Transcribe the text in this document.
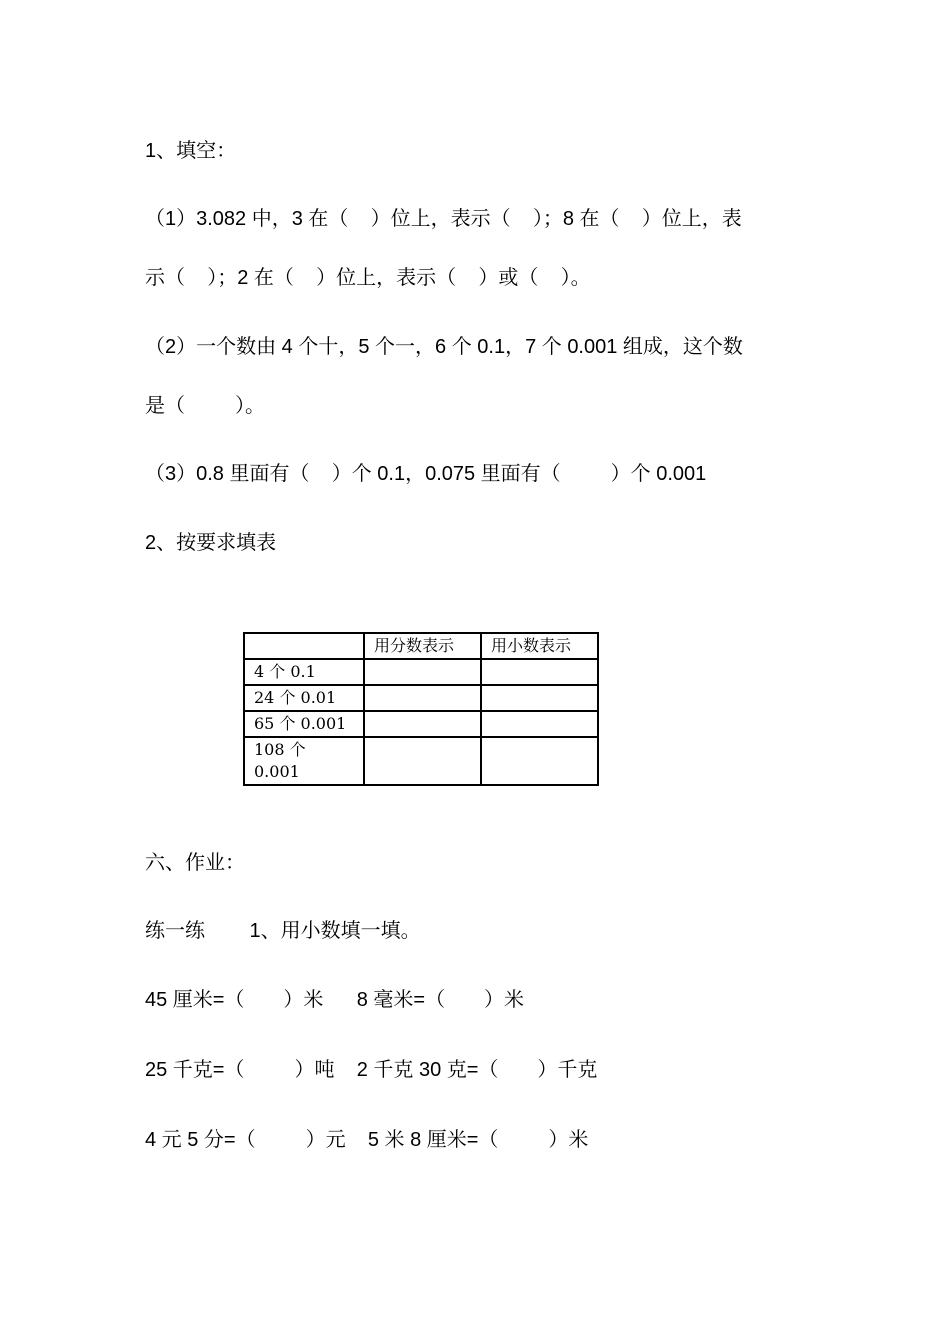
1、填空：
（1）3.082 中，3 在（    ）位上，表示（    ）；8 在（    ）位上，表
示（    ）；2 在（    ）位上，表示（    ）或（    ）。
（2）一个数由 4 个十，5 个一，6 个 0.1，7 个 0.001 组成，这个数
是（         ）。
（3）0.8 里面有（    ）个 0.1，0.075 里面有（         ）个 0.001
2、按要求填表
	用分数表示	用小数表示
4 个 0.1		
24 个 0.01		
65 个 0.001		
108 个
0.001		
六、作业：
练一练        1、用小数填一填。
45 厘米=（       ）米      8 毫米=（       ）米
25 千克=（         ）吨    2 千克 30 克=（       ）千克
4 元 5 分=（         ）元    5 米 8 厘米=（         ）米
